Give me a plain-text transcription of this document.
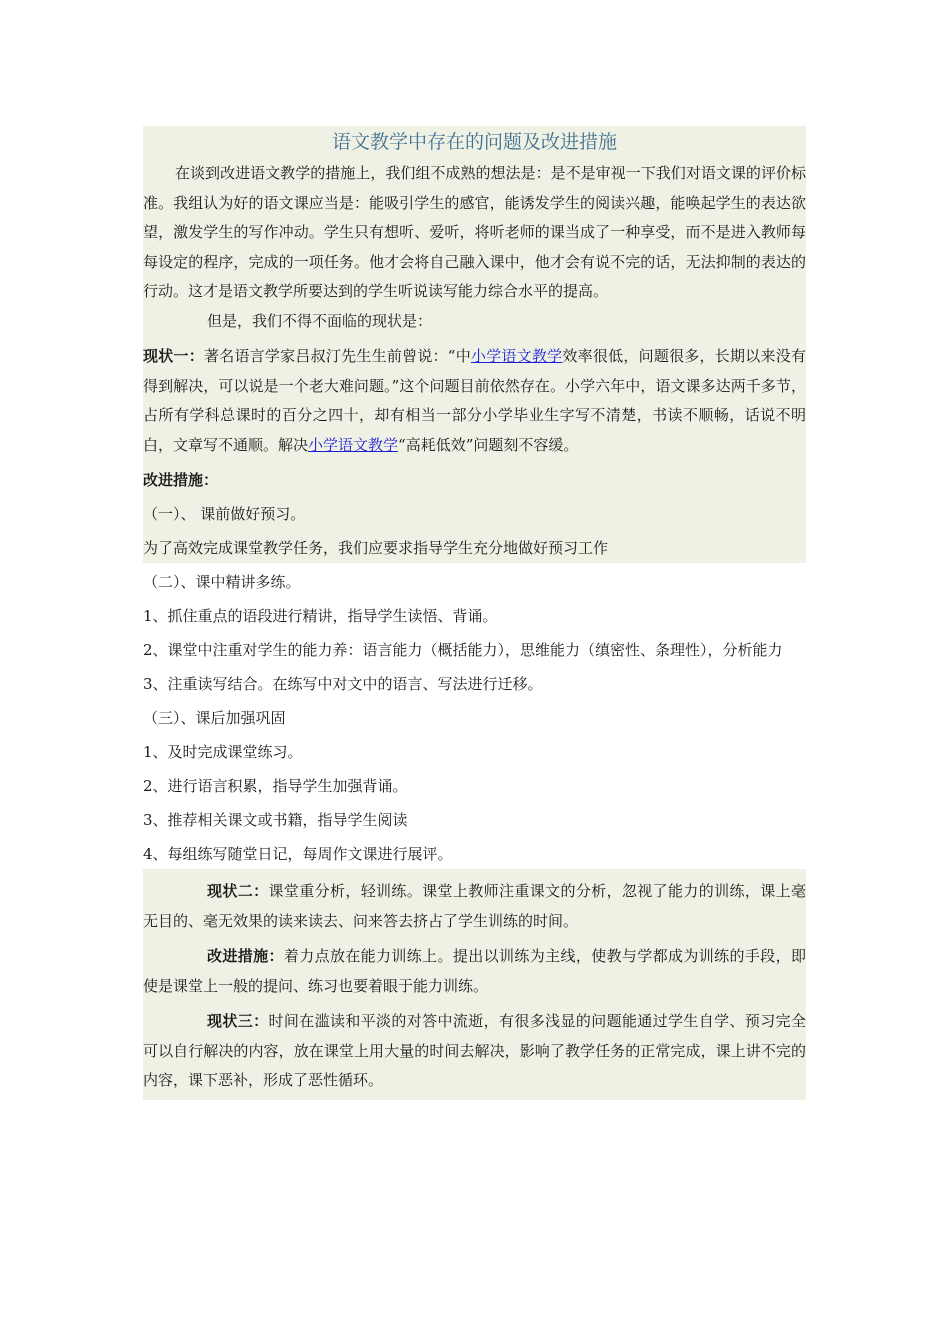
语文教学中存在的问题及改进措施

在谈到改进语文教学的措施上，我们组不成熟的想法是：是不是审视一下我们对语文课的评价标准。我组认为好的语文课应当是：能吸引学生的感官，能诱发学生的阅读兴趣，能唤起学生的表达欲望，激发学生的写作冲动。学生只有想听、爱听，将听老师的课当成了一种享受，而不是进入教师每每设定的程序，完成的一项任务。他才会将自己融入课中，他才会有说不完的话，无法抑制的表达的行动。这才是语文教学所要达到的学生听说读写能力综合水平的提高。

但是，我们不得不面临的现状是：

现状一：著名语言学家吕叔汀先生生前曾说：“中小学语文教学效率很低，问题很多，长期以来没有得到解决，可以说是一个老大难问题。”这个问题目前依然存在。小学六年中，语文课多达两千多节，占所有学科总课时的百分之四十，却有相当一部分小学毕业生字写不清楚，书读不顺畅，话说不明白，文章写不通顺。解决小学语文教学“高耗低效”问题刻不容缓。

改进措施：

（一）、 课前做好预习。

为了高效完成课堂教学任务，我们应要求指导学生充分地做好预习工作

（二）、课中精讲多练。

1、抓住重点的语段进行精讲，指导学生读悟、背诵。

2、课堂中注重对学生的能力养：语言能力（概括能力），思维能力（缜密性、条理性），分析能力

3、注重读写结合。在练写中对文中的语言、写法进行迁移。

（三）、课后加强巩固

1、及时完成课堂练习。

2、进行语言积累，指导学生加强背诵。

3、推荐相关课文或书籍，指导学生阅读

4、每组练写随堂日记，每周作文课进行展评。

现状二：课堂重分析，轻训练。课堂上教师注重课文的分析，忽视了能力的训练，课上毫无目的、毫无效果的读来读去、问来答去挤占了学生训练的时间。

改进措施：着力点放在能力训练上。提出以训练为主线，使教与学都成为训练的手段，即使是课堂上一般的提问、练习也要着眼于能力训练。

现状三：时间在滥读和平淡的对答中流逝，有很多浅显的问题能通过学生自学、预习完全可以自行解决的内容，放在课堂上用大量的时间去解决，影响了教学任务的正常完成，课上讲不完的内容，课下恶补，形成了恶性循环。
